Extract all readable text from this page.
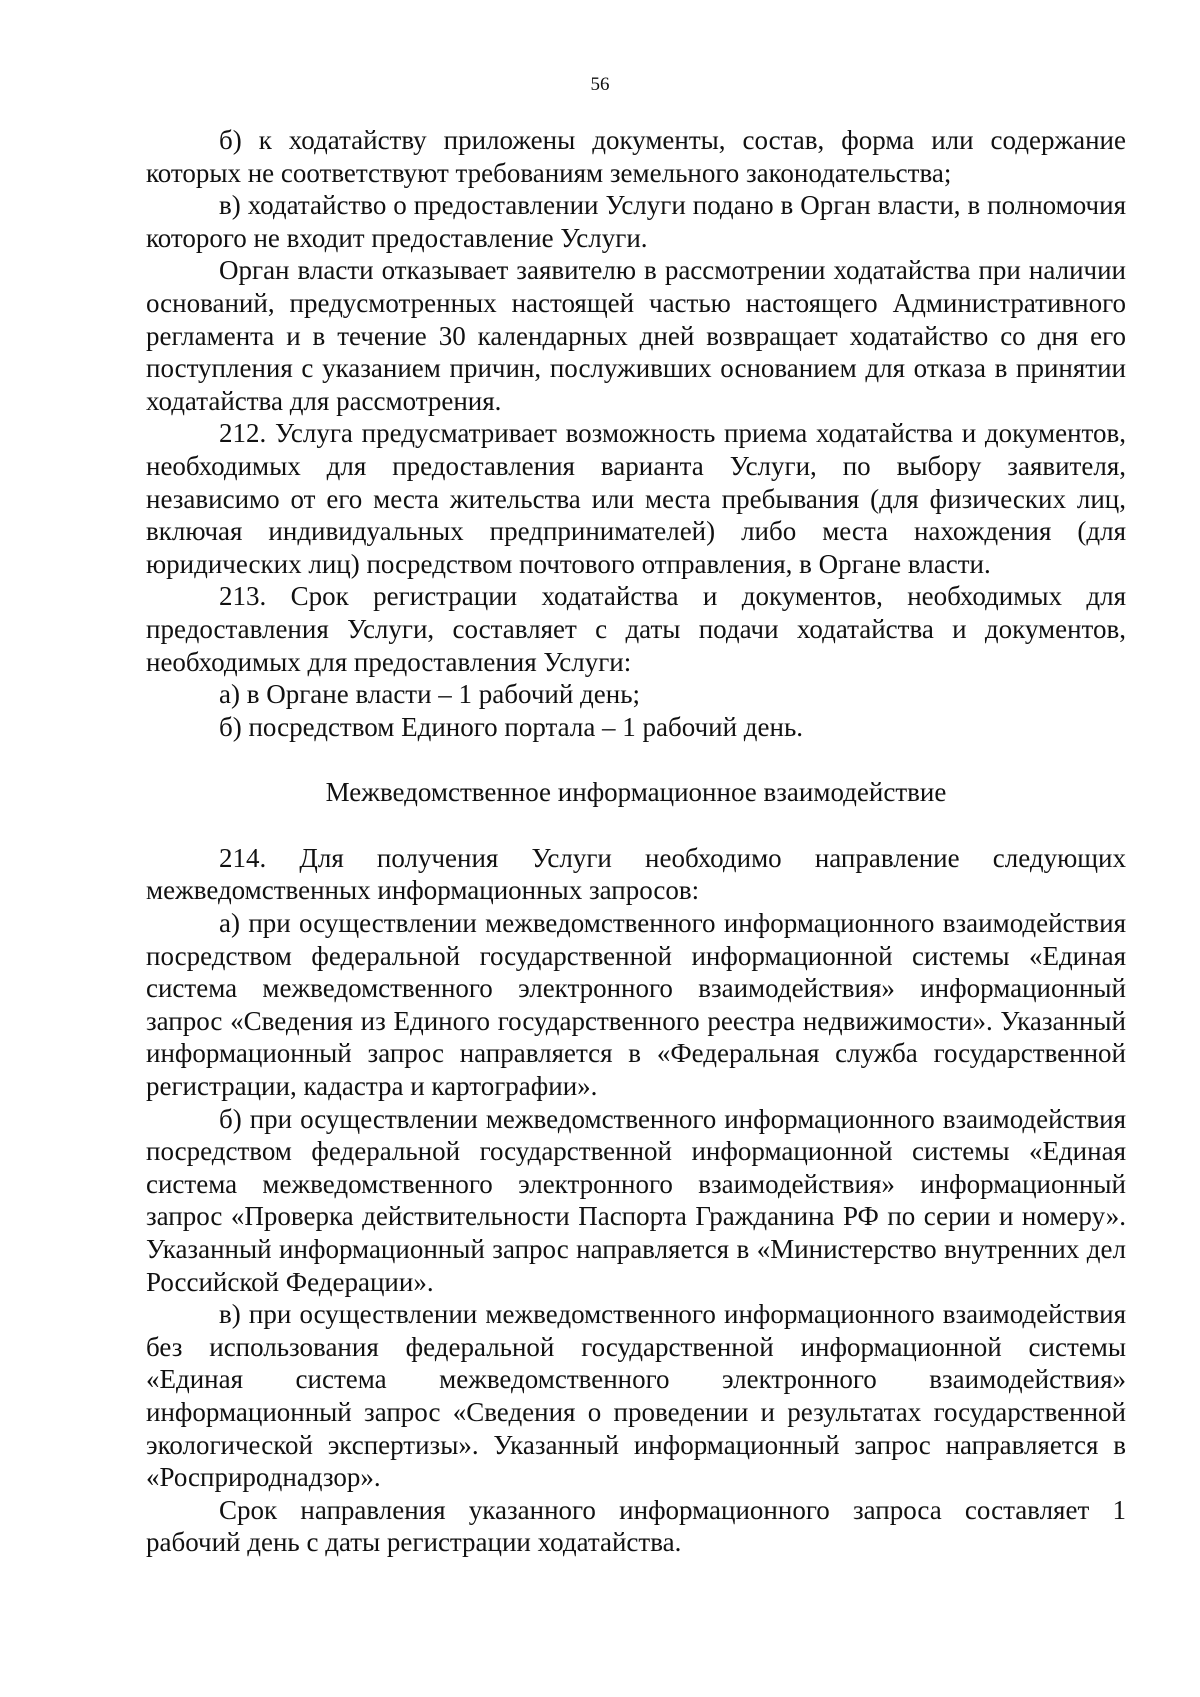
56

б) к ходатайству приложены документы, состав, форма или содержание которых не соответствуют требованиям земельного законодательства;

в) ходатайство о предоставлении Услуги подано в Орган власти, в полномочия которого не входит предоставление Услуги.

Орган власти отказывает заявителю в рассмотрении ходатайства при наличии оснований, предусмотренных настоящей частью настоящего Административного регламента и в течение 30 календарных дней возвращает ходатайство со дня его поступления с указанием причин, послуживших основанием для отказа в принятии ходатайства для рассмотрения.

212. Услуга предусматривает возможность приема ходатайства и документов, необходимых для предоставления варианта Услуги, по выбору заявителя, независимо от его места жительства или места пребывания (для физических лиц, включая индивидуальных предпринимателей) либо места нахождения (для юридических лиц) посредством почтового отправления, в Органе власти.

213. Срок регистрации ходатайства и документов, необходимых для предоставления Услуги, составляет с даты подачи ходатайства и документов, необходимых для предоставления Услуги:

а) в Органе власти – 1 рабочий день;

б) посредством Единого портала – 1 рабочий день.

Межведомственное информационное взаимодействие

214. Для получения Услуги необходимо направление следующих межведомственных информационных запросов:

а) при осуществлении межведомственного информационного взаимодействия посредством федеральной государственной информационной системы «Единая система межведомственного электронного взаимодействия» информационный запрос «Сведения из Единого государственного реестра недвижимости». Указанный информационный запрос направляется в «Федеральная служба государственной регистрации, кадастра и картографии».

б) при осуществлении межведомственного информационного взаимодействия посредством федеральной государственной информационной системы «Единая система межведомственного электронного взаимодействия» информационный запрос «Проверка действительности Паспорта Гражданина РФ по серии и номеру». Указанный информационный запрос направляется в «Министерство внутренних дел Российской Федерации».

в) при осуществлении межведомственного информационного взаимодействия без использования федеральной государственной информационной системы «Единая система межведомственного электронного взаимодействия» информационный запрос «Сведения о проведении и результатах государственной экологической экспертизы». Указанный информационный запрос направляется в «Росприроднадзор».

Срок направления указанного информационного запроса составляет 1 рабочий день с даты регистрации ходатайства.
